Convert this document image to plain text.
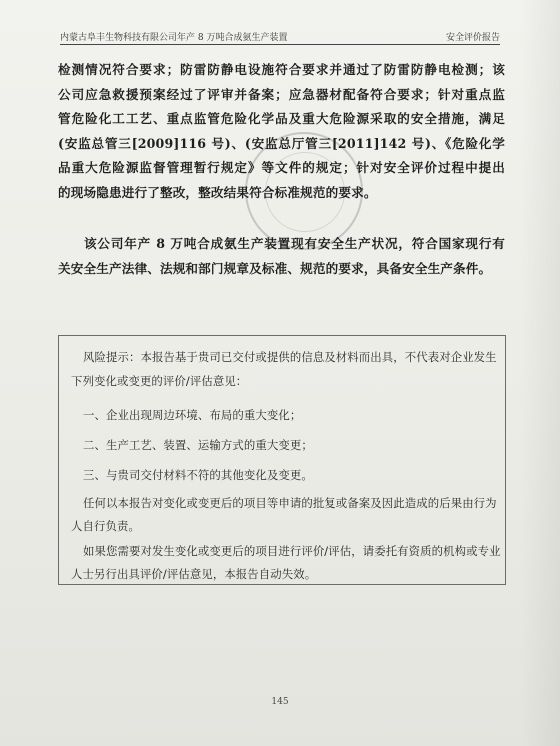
内蒙古阜丰生物科技有限公司年产 8 万吨合成氨生产装置	安全评价报告
检测情况符合要求；防雷防静电设施符合要求并通过了防雷防静电检测；该
公司应急救援预案经过了评审并备案；应急器材配备符合要求；针对重点监
管危险化工工艺、重点监管危险化学品及重大危险源采取的安全措施，满足
(安监总管三[2009]116 号)、(安监总厅管三[2011]142 号)、《危险化学
品重大危险源监督管理暂行规定》等文件的规定；针对安全评价过程中提出
的现场隐患进行了整改，整改结果符合标准规范的要求。
该公司年产 8 万吨合成氨生产装置现有安全生产状况，符合国家现行有
关安全生产法律、法规和部门规章及标准、规范的要求，具备安全生产条件。
风险提示：本报告基于贵司已交付或提供的信息及材料而出具，不代表对企业发生
下列变化或变更的评价/评估意见：
一、企业出现周边环境、布局的重大变化；
二、生产工艺、装置、运输方式的重大变更；
三、与贵司交付材料不符的其他变化及变更。
任何以本报告对变化或变更后的项目等申请的批复或备案及因此造成的后果由行为
人自行负责。
如果您需要对发生变化或变更后的项目进行评价/评估，请委托有资质的机构或专业
人士另行出具评价/评估意见，本报告自动失效。
145
